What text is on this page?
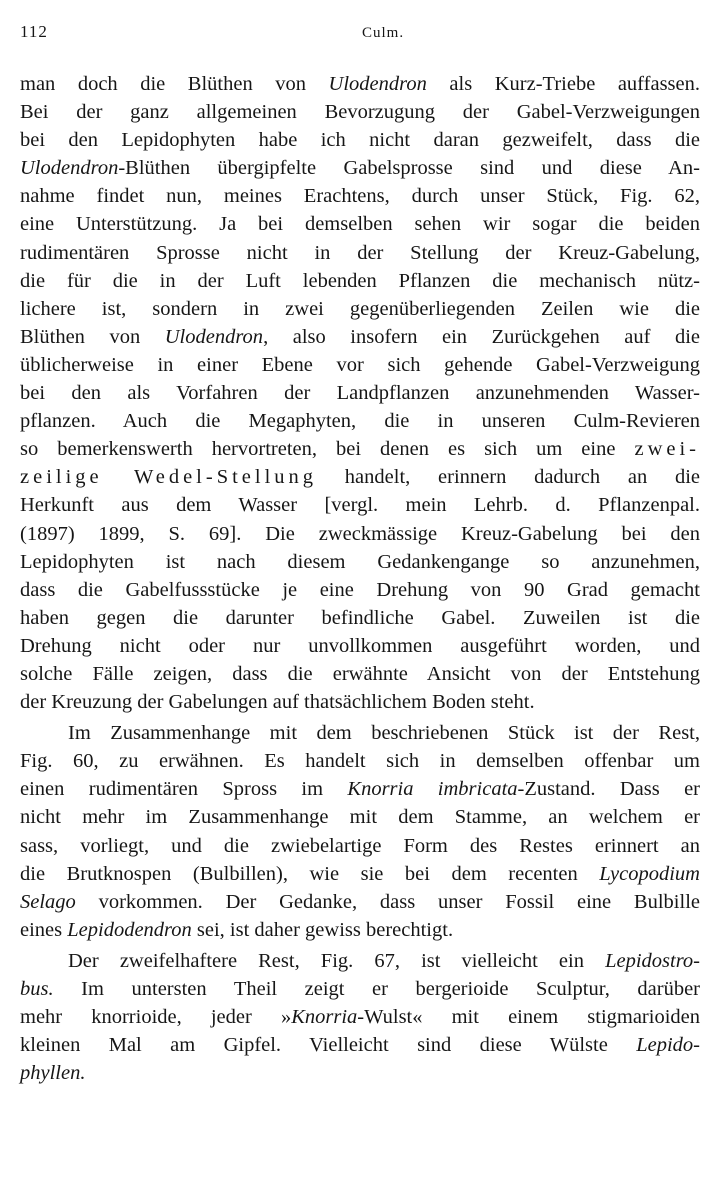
112	Culm.
man doch die Blüthen von Ulodendron als Kurz-Triebe auffassen.
Bei der ganz allgemeinen Bevorzugung der Gabel-Verzweigungen
bei den Lepidophyten habe ich nicht daran gezweifelt, dass die
Ulodendron-Blüthen übergipfelte Gabelsprosse sind und diese An-
nahme findet nun, meines Erachtens, durch unser Stück, Fig. 62,
eine Unterstützung. Ja bei demselben sehen wir sogar die beiden
rudimentären Sprosse nicht in der Stellung der Kreuz-Gabelung,
die für die in der Luft lebenden Pflanzen die mechanisch nütz-
lichere ist, sondern in zwei gegenüberliegenden Zeilen wie die
Blüthen von Ulodendron, also insofern ein Zurückgehen auf die
üblicherweise in einer Ebene vor sich gehende Gabel-Verzweigung
bei den als Vorfahren der Landpflanzen anzunehmenden Wasser-
pflanzen. Auch die Megaphyten, die in unseren Culm-Revieren
so bemerkenswerth hervortreten, bei denen es sich um eine zwei-
zeilige Wedel-Stellung handelt, erinnern dadurch an die
Herkunft aus dem Wasser [vergl. mein Lehrb. d. Pflanzenpal.
(1897) 1899, S. 69]. Die zweckmässige Kreuz-Gabelung bei den
Lepidophyten ist nach diesem Gedankengange so anzunehmen,
dass die Gabelfussstücke je eine Drehung von 90 Grad gemacht
haben gegen die darunter befindliche Gabel. Zuweilen ist die
Drehung nicht oder nur unvollkommen ausgeführt worden, und
solche Fälle zeigen, dass die erwähnte Ansicht von der Entstehung
der Kreuzung der Gabelungen auf thatsächlichem Boden steht.
Im Zusammenhange mit dem beschriebenen Stück ist der Rest,
Fig. 60, zu erwähnen. Es handelt sich in demselben offenbar um
einen rudimentären Spross im Knorria imbricata-Zustand. Dass er
nicht mehr im Zusammenhange mit dem Stamme, an welchem er
sass, vorliegt, und die zwiebelartige Form des Restes erinnert an
die Brutknospen (Bulbillen), wie sie bei dem recenten Lycopodium
Selago vorkommen. Der Gedanke, dass unser Fossil eine Bulbille
eines Lepidodendron sei, ist daher gewiss berechtigt.
Der zweifelhaftere Rest, Fig. 67, ist vielleicht ein Lepidostro-
bus. Im untersten Theil zeigt er bergerioide Sculptur, darüber
mehr knorrioide, jeder »Knorria-Wulst« mit einem stigmarioiden
kleinen Mal am Gipfel. Vielleicht sind diese Wülste Lepido-
phyllen.
